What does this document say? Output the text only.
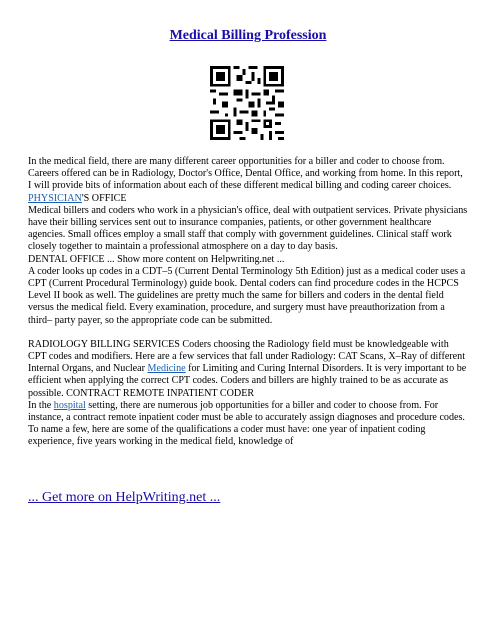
Medical Billing Profession

In the medical field, there are many different career opportunities for a biller and coder to choose from. Careers offered can be in Radiology, Doctor's Office, Dental Office, and working from home. In this report, I will provide bits of information about each of these different medical billing and coding career choices.

PHYSICIAN'S OFFICE

Medical billers and coders who work in a physician's office, deal with outpatient services. Private physicians have their billing services sent out to insurance companies, patients, or other government healthcare agencies. Small offices employ a small staff that comply with government guidelines. Clinical staff work closely together to maintain a professional atmosphere on a day to day basis.

DENTAL OFFICE ... Show more content on Helpwriting.net ...

A coder looks up codes in a CDT–5 (Current Dental Terminology 5th Edition) just as a medical coder uses a CPT (Current Procedural Terminology) guide book. Dental coders can find procedure codes in the HCPCS Level II book as well. The guidelines are pretty much the same for billers and coders in the dental field versus the medical field. Every examination, procedure, and surgery must have preauthorization from a third– party payer, so the appropriate code can be submitted.

RADIOLOGY BILLING SERVICES Coders choosing the Radiology field must be knowledgeable with CPT codes and modifiers. Here are a few services that fall under Radiology: CAT Scans, X–Ray of different Internal Organs, and Nuclear Medicine for Limiting and Curing Internal Disorders. It is very important to be efficient when applying the correct CPT codes. Coders and billers are highly trained to be as accurate as possible. CONTRACT REMOTE INPATIENT CODER

In the hospital setting, there are numerous job opportunities for a biller and coder to choose from. For instance, a contract remote inpatient coder must be able to accurately assign diagnoses and procedure codes. To name a few, here are some of the qualifications a coder must have: one year of inpatient coding experience, five years working in the medical field, knowledge of

... Get more on HelpWriting.net ...
